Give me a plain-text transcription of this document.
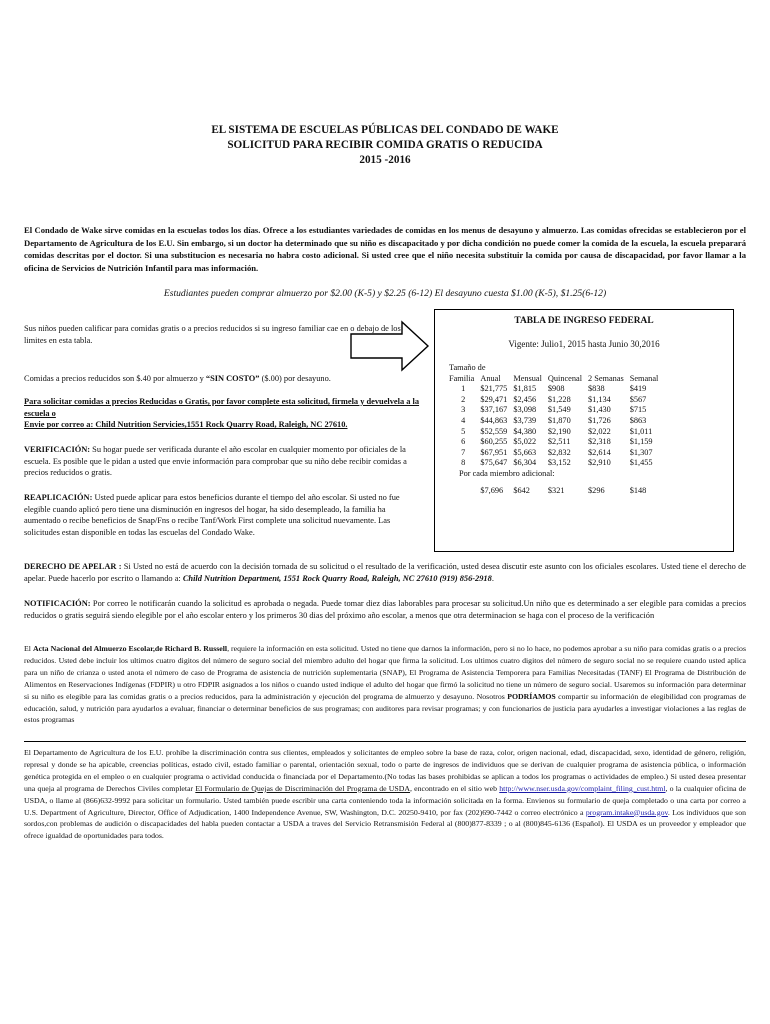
EL SISTEMA DE ESCUELAS PÚBLICAS DEL CONDADO DE WAKE
SOLICITUD PARA RECIBIR COMIDA GRATIS O REDUCIDA
2015 -2016
El Condado de Wake sirve comidas en la escuelas todos los días. Ofrece a los estudiantes variedades de comidas en los menus de desayuno y almuerzo. Las comidas ofrecidas se establecieron por el Departamento de Agricultura de los E.U. Sin embargo, si un doctor ha determinado que su niño es discapacitado y por dicha condición no puede comer la comida de la escuela, la escuela preparará comidas descritas por el doctor. Si una substitucion es necesaria no habra costo adicional. Si usted cree que el niño necesita substituir la comida por causa de discapacidad, por favor llamar a la oficina de Servicios de Nutrición Infantil para mas información.
Estudiantes pueden comprar almuerzo por $2.00 (K-5) y $2.25 (6-12) El desayuno cuesta $1.00 (K-5), $1.25(6-12)
Sus niños pueden calificar para comidas gratis o a precios reducidos si su ingreso familiar cae en o debajo de los limites en esta tabla.
Comidas a precios reducidos son $.40 por almuerzo y “SIN COSTO” ($.00) por desayuno.
Para solicitar comidas a precios Reducidas o Gratis, por favor complete esta solicitud, firmela y devuelvela a la escuela o
Envie por correo a: Child Nutrition Servicies,1551 Rock Quarry Road, Raleigh, NC 27610.
VERIFICACIÓN: Su hogar puede ser verificada durante el año escolar en cualquier momento por oficiales de la escuela. Es posible que le pidan a usted que envie información para comprobar que su niño debe recibir comidas a precios reducidos o gratis.
REAPLICACIÓN: Usted puede aplicar para estos beneficios durante el tiempo del año escolar. Si usted no fue elegible cuando aplicó pero tiene una disminución en ingresos del hogar, ha sido desempleado, la familia ha aumentado o recibe beneficios de Snap/Fns o recibe Tanf/Work First complete una solicitud nuevamente. Las solicitudes estan disponible en todas las escuelas del Condado Wake.
TABLA DE INGRESO FEDERAL
Vigente: Julio1, 2015 hasta Junio 30,2016
Tamaño de					
Familia	Anual	Mensual	Quincenal	2 Semanas	Semanal
1	$21,775	$1,815	$908	$838	$419
2	$29,471	$2,456	$1,228	$1,134	$567
3	$37,167	$3,098	$1,549	$1,430	$715
4	$44,863	$3,739	$1,870	$1,726	$863
5	$52,559	$4,380	$2,190	$2,022	$1,011
6	$60,255	$5,022	$2,511	$2,318	$1,159
7	$67,951	$5,663	$2,832	$2,614	$1,307
8	$75,647	$6,304	$3,152	$2,910	$1,455
Por cada miembro adicional:					
	$7,696	$642	$321	$296	$148
DERECHO DE APELAR : Si Usted no está de acuerdo con la decisión tornada de su solicitud o el resultado de la verificación, usted desea discutir este asunto con los oficiales escolares. Usted tiene el derecho de apelar. Puede hacerlo por escrito o llamando a: Child Nutrition Department, 1551 Rock Quarry Road, Raleigh, NC 27610 (919) 856-2918.
NOTIFICACIÓN: Por correo le notificarán cuando la solicitud es aprobada o negada. Puede tomar diez dias laborables para procesar su solicitud.Un niño que es determinado a ser elegible para comidas a precios reducidos o gratis seguirá siendo elegible por el año escolar entero y los primeros 30 dias del próximo año escolar, a menos que otra determinacion se haga con el proceso de la verificación
El Acta Nacional del Almuerzo Escolar,de Richard B. Russell, requiere la información en esta solicitud. Usted no tiene que darnos la información, pero si no lo hace, no podemos aprobar a su niño para comidas gratis o a precios reducidos. Usted debe incluir los ultimos cuatro digitos del número de seguro social del miembro adulto del hogar que firma la solicitud. Los ultimos cuatro digitos del número de seguro social no se requiere cuando usted aplica para un niño de crianza o usted anota el número de caso de Programa de asistencia de nutrición suplementaria (SNAP), El Programa de Asistencia Temporera para Familias Necesitadas (TANF) El Programa de Distribución de Alimentos en Reservaciones Indígenas (FDPIR) u otro FDPIR asignados a los niños o cuando usted indique el adulto del hogar que firmó la solicitud no tiene un número de seguro social. Usaremos su información para determinar si su niño es elegible para las comidas gratis o a precios reducidos, para la administración y ejecución del programa de almuerzo y desayuno. Nosotros PODRÍAMOS compartir su información de elegibilidad con programas de educación, salud, y nutrición para ayudarlos a evaluar, financiar o determinar beneficios de sus programas; con auditores para revisar programas; y con funcionarios de justicia para ayudarles a investigar violaciones a las reglas de estos programas
El Departamento de Agricultura de los E.U. prohíbe la discriminación contra sus clientes, empleados y solicitantes de empleo sobre la base de raza, color, origen nacional, edad, discapacidad, sexo, identidad de género, religión, represal y donde se ha apicable, creencias políticas, estado civil, estado familiar o parental, orientación sexual, todo o parte de ingresos de individuos que se derivan de cualquier programa de asistencia pública, o información genética protegida en el empleo o en cualquier programa o actividad conducida o financiada por el Departamento.(No todas las bases prohibidas se aplican a todos los programas o actividades de empleo.) Si usted desea presentar una queja al programa de Derechos Civiles completar El Formulario de Quejas de Discriminación del Programa de USDA, encontrado en el sitio web http://www.nser.usda.gov/complaint_filing_cust.html, o la cualquier oficina de USDA, o llame al (866)632-9992 para solicitar un formulario. Usted también puede escribir una carta conteniendo toda la información solicitada en la forma. Envienos su formulario de queja completado o una carta por correo a U.S. Department of Agriculture, Director, Office of Adjudication, 1400 Independence Avenue, SW, Washington, D.C. 20250-9410, por fax (202)690-7442 o correo electrónico a program.intake@usda.gov. Los individuos que son sordos,con problemas de audición o discapacidades del habla pueden contactar a USDA a traves del Servicio Retransmisión Federal al (800)877-8339 ; o al (800)845-6136 (Español). El USDA es un proveedor y empleador que ofrece igualdad de oportunidades para todos.
